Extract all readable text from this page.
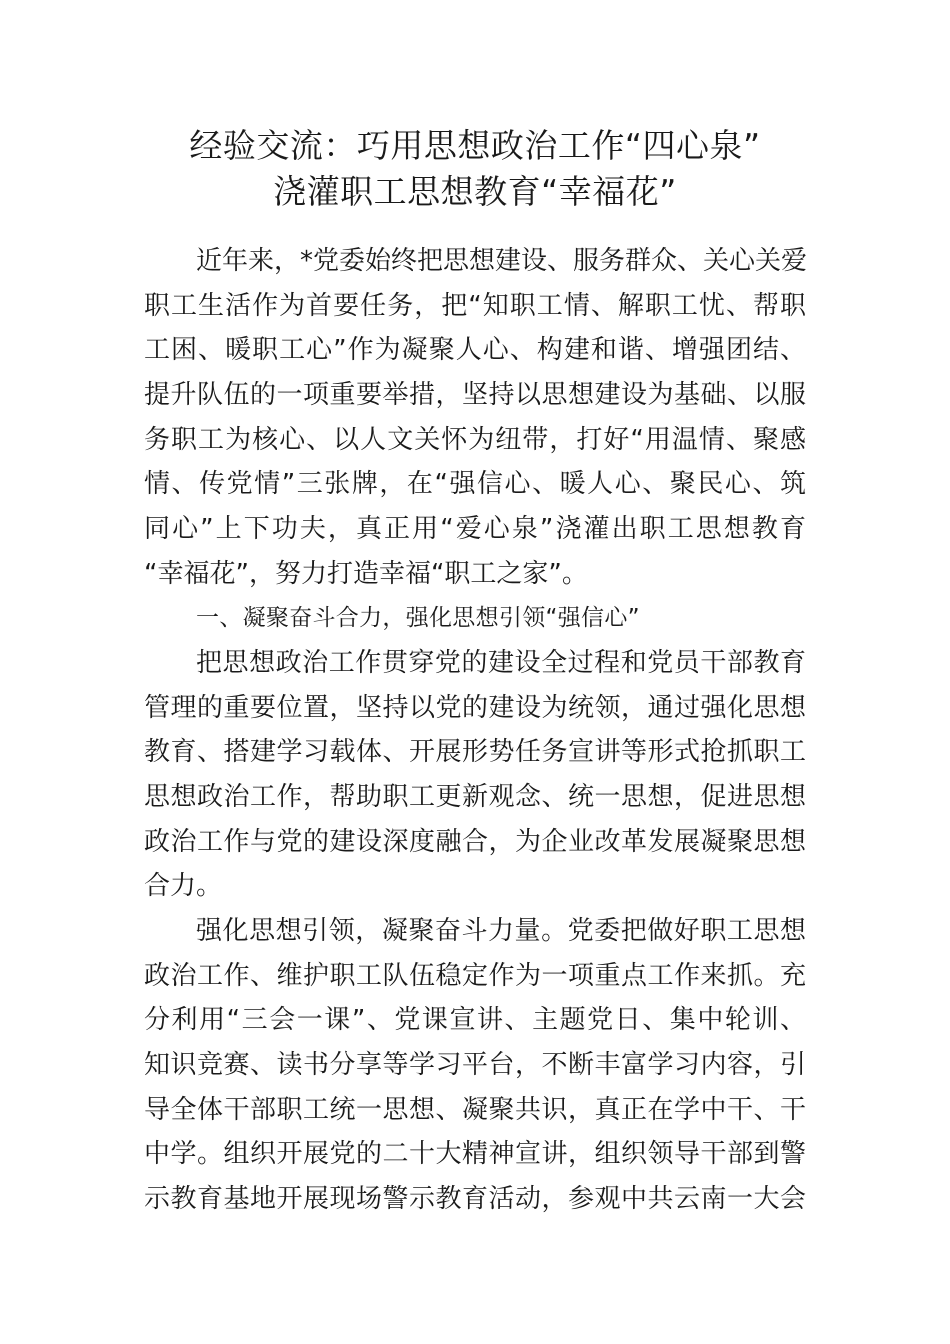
经验交流：巧用思想政治工作“四心泉”
浇灌职工思想教育“幸福花”
近年来，*党委始终把思想建设、服务群众、关心关爱
职工生活作为首要任务，把“知职工情、解职工忧、帮职
工困、暖职工心”作为凝聚人心、构建和谐、增强团结、
提升队伍的一项重要举措，坚持以思想建设为基础、以服
务职工为核心、以人文关怀为纽带，打好“用温情、聚感
情、传党情”三张牌，在“强信心、暖人心、聚民心、筑
同心”上下功夫，真正用“爱心泉”浇灌出职工思想教育
“幸福花”，努力打造幸福“职工之家”。
一、凝聚奋斗合力，强化思想引领“强信心”
把思想政治工作贯穿党的建设全过程和党员干部教育
管理的重要位置，坚持以党的建设为统领，通过强化思想
教育、搭建学习载体、开展形势任务宣讲等形式抢抓职工
思想政治工作，帮助职工更新观念、统一思想，促进思想
政治工作与党的建设深度融合，为企业改革发展凝聚思想
合力。
强化思想引领，凝聚奋斗力量。党委把做好职工思想
政治工作、维护职工队伍稳定作为一项重点工作来抓。充
分利用“三会一课”、党课宣讲、主题党日、集中轮训、
知识竞赛、读书分享等学习平台，不断丰富学习内容，引
导全体干部职工统一思想、凝聚共识，真正在学中干、干
中学。组织开展党的二十大精神宣讲，组织领导干部到警
示教育基地开展现场警示教育活动，参观中共云南一大会
